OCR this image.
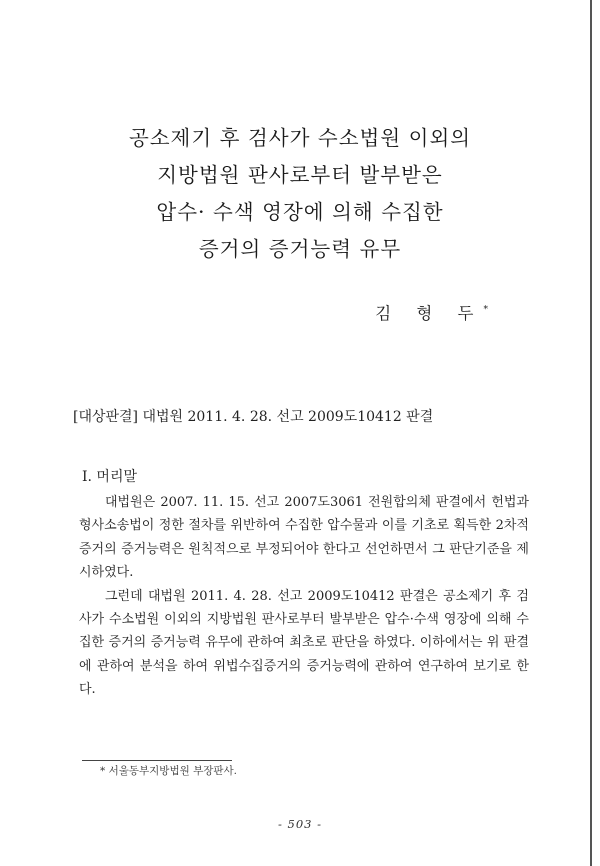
공소제기 후 검사가 수소법원 이외의
지방법원 판사로부터 발부받은
압수· 수색 영장에 의해 수집한
증거의 증거능력 유무
김 형 두*
[대상판결] 대법원 2011. 4. 28. 선고 2009도10412 판결
Ⅰ. 머리말

대법원은 2007. 11. 15. 선고 2007도3061 전원합의체 판결에서 헌법과 형사소송법이 정한 절차를 위반하여 수집한 압수물과 이를 기초로 획득한 2차적 증거의 증거능력은 원칙적으로 부정되어야 한다고 선언하면서 그 판단기준을 제시하였다.

그런데 대법원 2011. 4. 28. 선고 2009도10412 판결은 공소제기 후 검사가 수소법원 이외의 지방법원 판사로부터 발부받은 압수·수색 영장에 의해 수집한 증거의 증거능력 유무에 관하여 최초로 판단을 하였다. 이하에서는 위 판결에 관하여 분석을 하여 위법수집증거의 증거능력에 관하여 연구하여 보기로 한다.

* 서울동부지방법원 부장판사.
- 503 -
